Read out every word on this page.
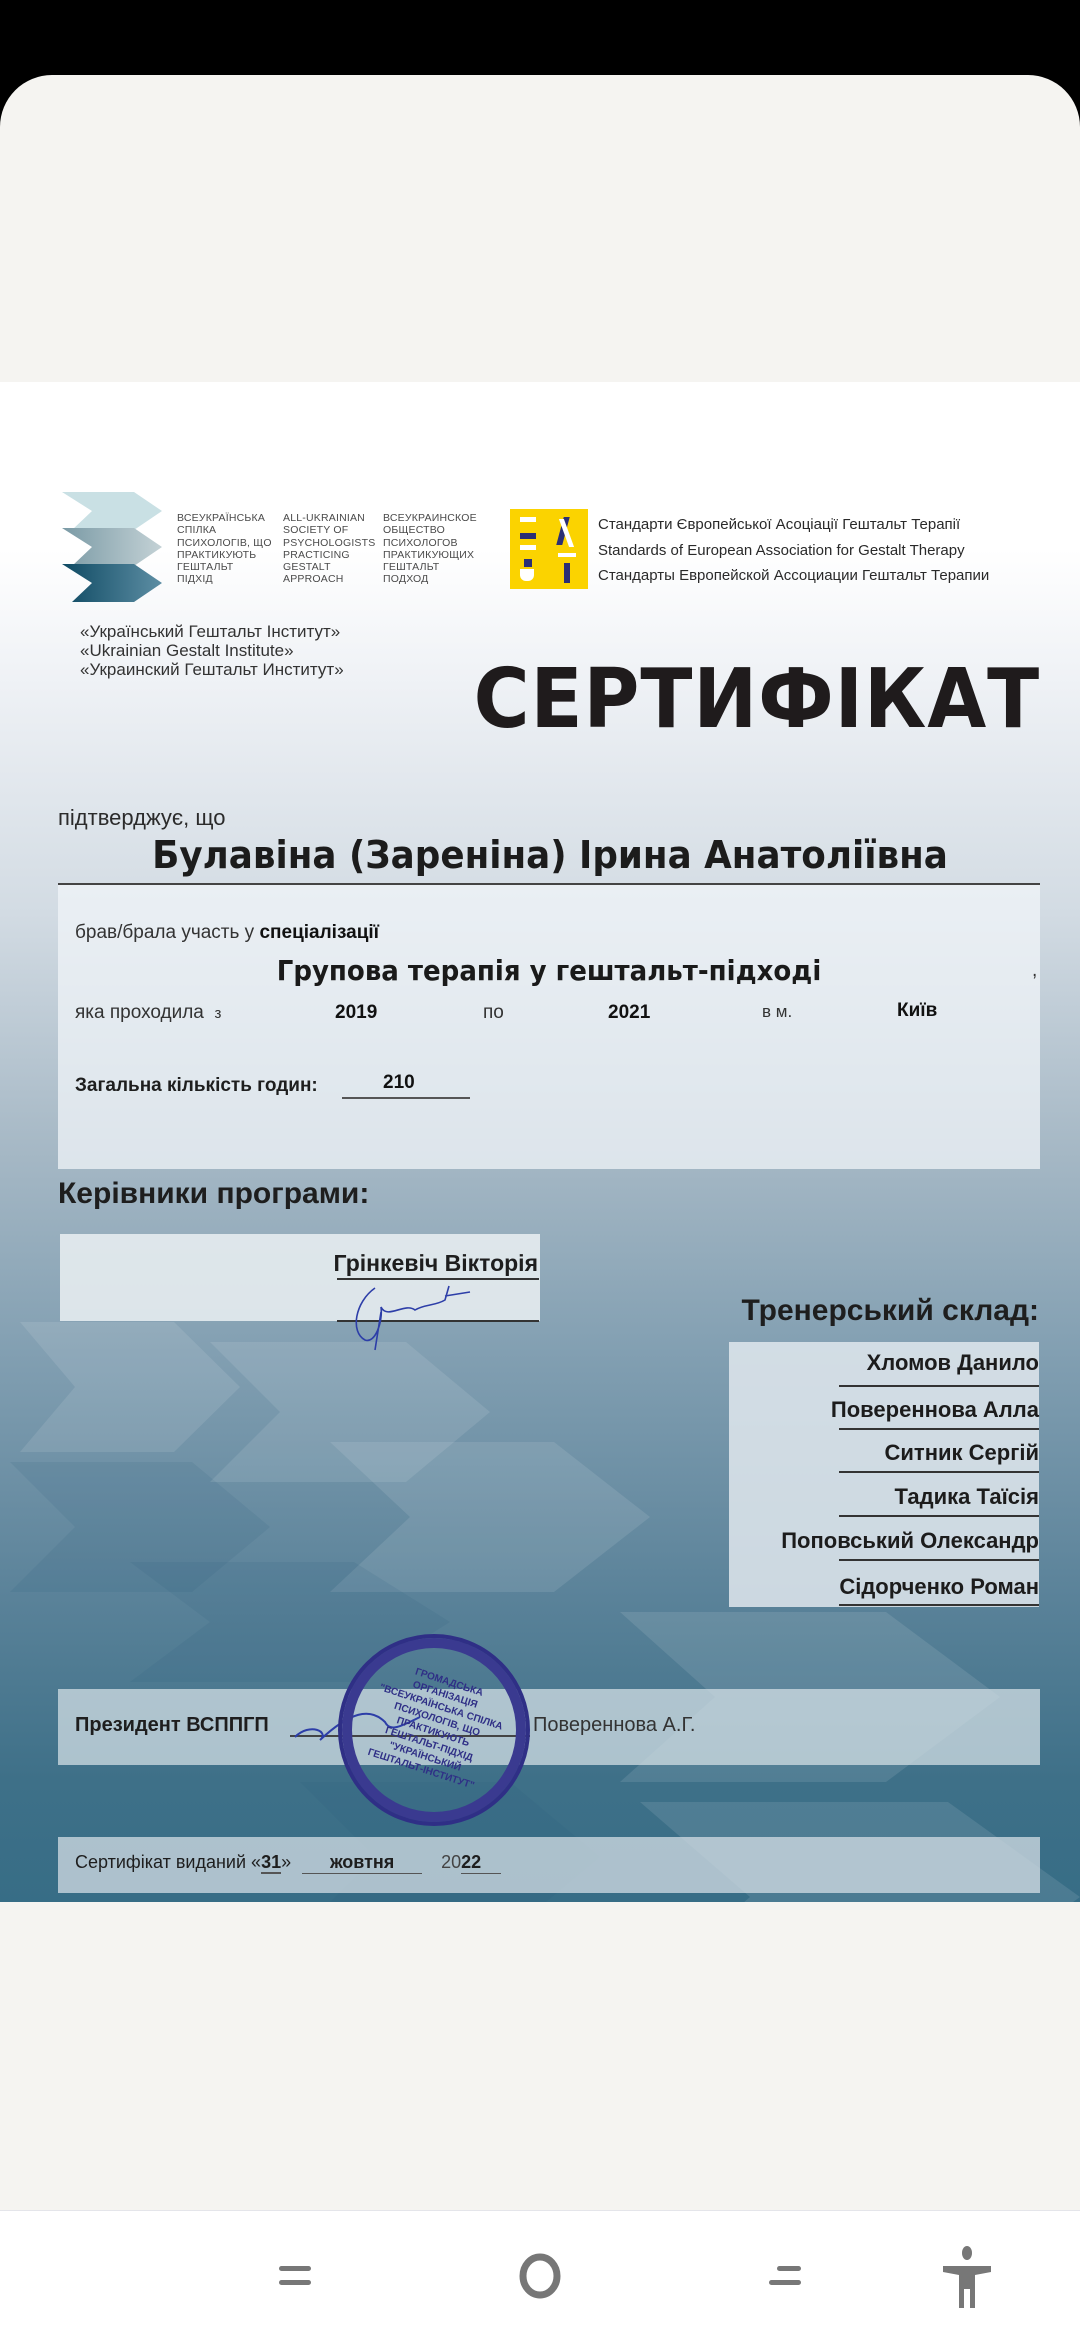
ВСЕУКРАЇНСЬКА
СПІЛКА
ПСИХОЛОГІВ, ЩО
ПРАКТИКУЮТЬ
ГЕШТАЛЬТ
ПІДХІД
ALL-UKRAINIAN
SOCIETY OF
PSYCHOLOGISTS
PRACTICING
GESTALT
APPROACH
ВСЕУКРАИНСКОЕ
ОБЩЕСТВО
ПСИХОЛОГОВ
ПРАКТИКУЮЩИХ
ГЕШТАЛЬТ
ПОДХОД
«Український Гештальт Інститут»
«Ukrainian Gestalt Institute»
«Украинский Гештальт Институт»
Стандарти Європейської Асоціації Гештальт Терапії
Standards of European Association for Gestalt Therapy
Стандарты Европейской Ассоциации Гештальт Терапии
СЕРТИФІКАТ
підтверджує, що
Булавіна (Зареніна) Ірина Анатоліївна
брав/брала участь у спеціалізації
Групова терапія у гештальт-підході	,
яка проходила з	2019	по	2021	в м.	Київ
Загальна кількість годин:	210
Керівники програми:
Грінкевіч Вікторія
Тренерський склад:
Хломов Данило
Повереннова Алла
Ситник Сергій
Тадика Таїсія
Поповський Олександр
Сідорченко Роман
Президент ВСППГП	Повереннова А.Г.
ГРОМАДСЬКА ОРГАНІЗАЦІЯ "ВСЕУКРАЇНСЬКА СПІЛКА ПСИХОЛОГІВ, ЩО ПРАКТИКУЮТЬ ГЕШТАЛЬТ-ПІДХІД "УКРАЇНСЬКИЙ ГЕШТАЛЬТ-ІНСТИТУТ"
Сертифікат виданий «31» жовтня	2022
